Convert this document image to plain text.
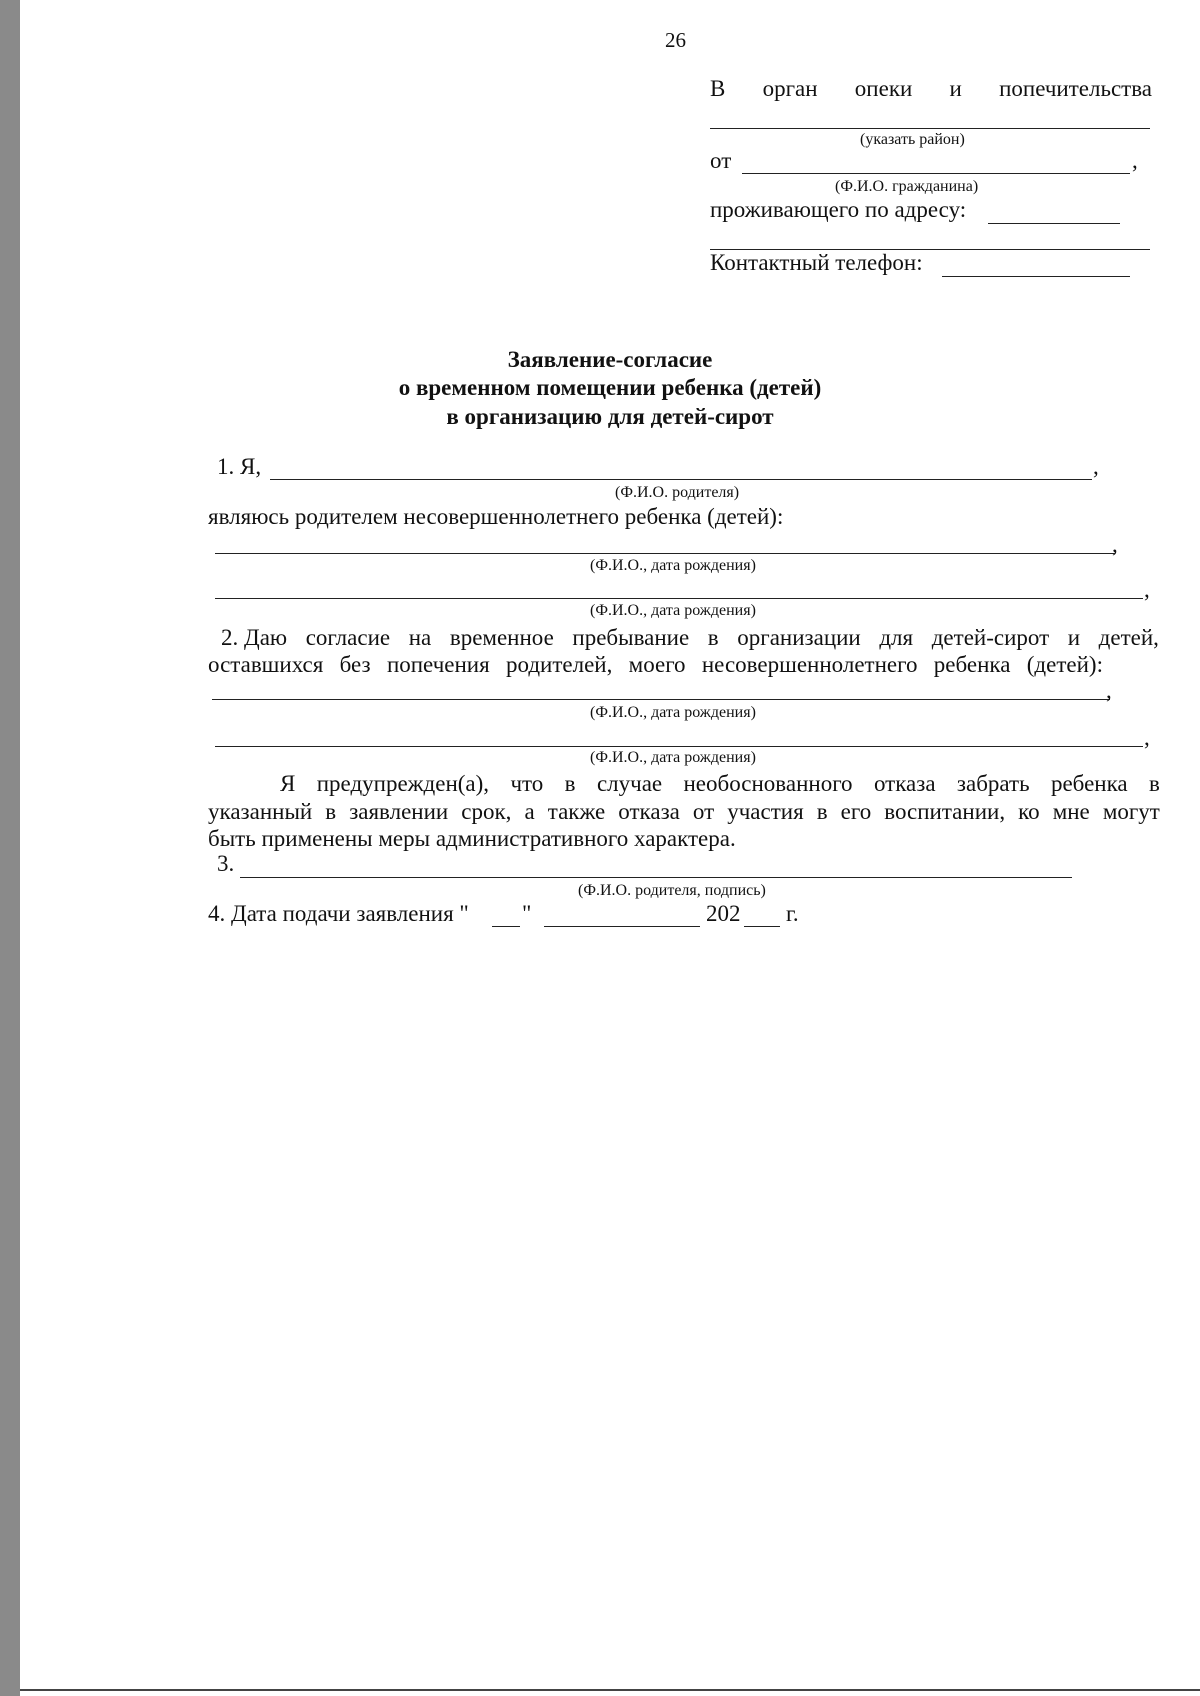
26
В орган опеки и попечительства
(указать район)
от	,
(Ф.И.О. гражданина)
проживающего по адресу:
Контактный телефон:
Заявление-согласие
о временном помещении ребенка (детей)
в организацию для детей-сирот
1. Я,	,
(Ф.И.О. родителя)
являюсь родителем несовершеннолетнего ребенка (детей):
,
(Ф.И.О., дата рождения)
,
(Ф.И.О., дата рождения)
2. Даю согласие на временное пребывание в организации для детей-сирот и детей,
оставшихся без попечения родителей, моего несовершеннолетнего ребенка (детей):
,
(Ф.И.О., дата рождения)
,
(Ф.И.О., дата рождения)
Я предупрежден(а), что в случае необоснованного отказа забрать ребенка в
указанный в заявлении срок, а также отказа от участия в его воспитании, ко мне могут
быть применены меры административного характера.
3.
(Ф.И.О. родителя, подпись)
4. Дата подачи заявления " "	202 г.
